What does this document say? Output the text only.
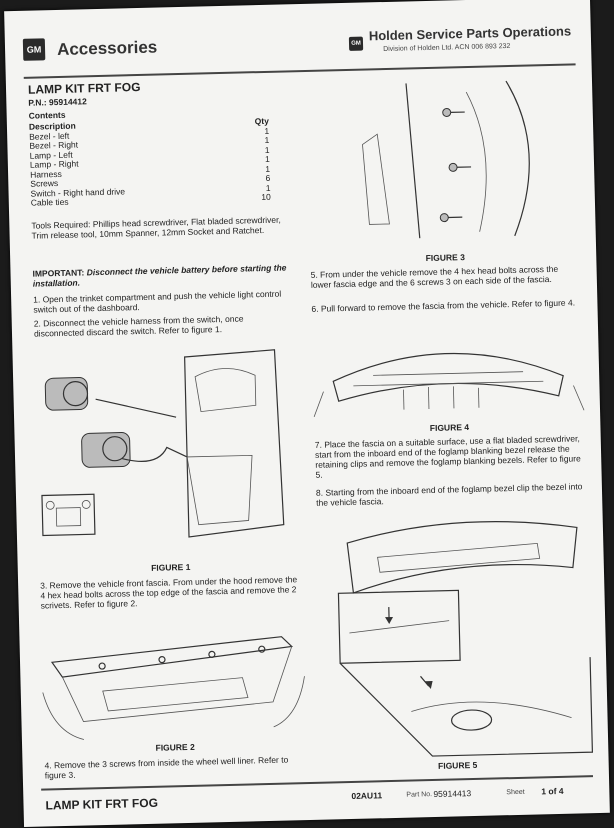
GM Accessories	GM
Holden Service Parts Operations
Division of Holden Ltd. ACN 006 893 232
LAMP KIT FRT FOG
P.N.: 95914412
Contents
Description	Qty
Bezel - left	1
Bezel - Right	1
Lamp - Left	1
Lamp - Right	1
Harness	1
Screws	6
Switch - Right hand drive	1
Cable ties	10
Tools Required: Phillips head screwdriver, Flat bladed screwdriver, Trim release tool, 10mm Spanner, 12mm Socket and Ratchet.
IMPORTANT: Disconnect the vehicle battery before starting the installation.
1. Open the trinket compartment and push the vehicle light control switch out of the dashboard.
2. Disconnect the vehicle harness from the switch, once disconnected discard the switch. Refer to figure 1.
FIGURE 1
3. Remove the vehicle front fascia. From under the hood remove the 4 hex head bolts across the top edge of the fascia and remove the 2 scrivets. Refer to figure 2.
FIGURE 2
4. Remove the 3 screws from inside the wheel well liner. Refer to figure 3.
FIGURE 3
5. From under the vehicle remove the 4 hex head bolts across the lower fascia edge and the 6 screws 3 on each side of the fascia.
6. Pull forward to remove the fascia from the vehicle. Refer to figure 4.
FIGURE 4
7. Place the fascia on a suitable surface, use a flat bladed screwdriver, start from the inboard end of the foglamp blanking bezel release the retaining clips and remove the foglamp blanking bezels. Refer to figure 5.
8. Starting from the inboard end of the foglamp bezel clip the bezel into the vehicle fascia.
FIGURE 5
LAMP KIT FRT FOG
02AU11	Part No. 95914413	Sheet 1 of 4
